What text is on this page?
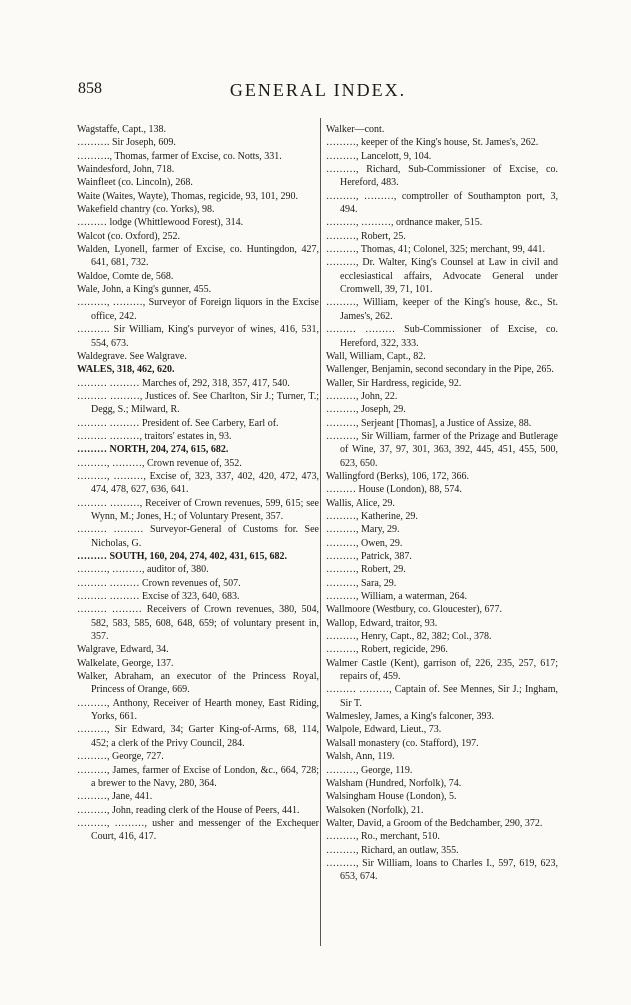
858	GENERAL INDEX.
Wagstaffe, Capt., 138.
………. Sir Joseph, 609.
………., Thomas, farmer of Excise, co. Notts, 331.
Waindesford, John, 718.
Wainfleet (co. Lincoln), 268.
Waite (Waites, Wayte), Thomas, regicide, 93, 101, 290.
Wakefield chantry (co. Yorks), 98.
……… lodge (Whittlewood Forest), 314.
Walcot (co. Oxford), 252.
Walden, Lyonell, farmer of Excise, co. Huntingdon, 427, 641, 681, 732.
Waldoe, Comte de, 568.
Wale, John, a King's gunner, 455.
………, ………, Surveyor of Foreign liquors in the Excise office, 242.
………. Sir William, King's purveyor of wines, 416, 531, 554, 673.
Waldegrave. See Walgrave.
WALES, 318, 462, 620.
……… ……… Marches of, 292, 318, 357, 417, 540.
……… ………, Justices of. See Charlton, Sir J.; Turner, T.; Degg, S.; Milward, R.
……… ……… President of. See Carbery, Earl of.
……… ………, traitors' estates in, 93.
……… NORTH, 204, 274, 615, 682.
………, ………, Crown revenue of, 352.
………, ………, Excise of, 323, 337, 402, 420, 472, 473, 474, 478, 627, 636, 641.
……… ………, Receiver of Crown revenues, 599, 615; see Wynn, M.; Jones, H.; of Voluntary Present, 357.
……… ……… Surveyor-General of Customs for. See Nicholas, G.
……… SOUTH, 160, 204, 274, 402, 431, 615, 682.
………, ………, auditor of, 380.
……… ……… Crown revenues of, 507.
……… ……… Excise of 323, 640, 683.
……… ……… Receivers of Crown revenues, 380, 504, 582, 583, 585, 608, 648, 659; of voluntary present in, 357.
Walgrave, Edward, 34.
Walkelate, George, 137.
Walker, Abraham, an executor of the Princess Royal, Princess of Orange, 669.
………, Anthony, Receiver of Hearth money, East Riding, Yorks, 661.
………, Sir Edward, 34; Garter King-of-Arms, 68, 114, 452; a clerk of the Privy Council, 284.
………, George, 727.
………, James, farmer of Excise of London, &c., 664, 728; a brewer to the Navy, 280, 364.
………, Jane, 441.
………, John, reading clerk of the House of Peers, 441.
………, ………, usher and messenger of the Exchequer Court, 416, 417.
Walker—cont.
………, keeper of the King's house, St. James's, 262.
………, Lancelott, 9, 104.
………, Richard, Sub-Commissioner of Excise, co. Hereford, 483.
………, ………, comptroller of Southampton port, 3, 494.
………, ………, ordnance maker, 515.
………, Robert, 25.
………, Thomas, 41; Colonel, 325; merchant, 99, 441.
………, Dr. Walter, King's Counsel at Law in civil and ecclesiastical affairs, Advocate General under Cromwell, 39, 71, 101.
………, William, keeper of the King's house, &c., St. James's, 262.
……… ……… Sub-Commissioner of Excise, co. Hereford, 322, 333.
Wall, William, Capt., 82.
Wallenger, Benjamin, second secondary in the Pipe, 265.
Waller, Sir Hardress, regicide, 92.
………, John, 22.
………, Joseph, 29.
………, Serjeant [Thomas], a Justice of Assize, 88.
………, Sir William, farmer of the Prizage and Butlerage of Wine, 37, 97, 301, 363, 392, 445, 451, 455, 500, 623, 650.
Wallingford (Berks), 106, 172, 366.
……… House (London), 88, 574.
Wallis, Alice, 29.
………, Katherine, 29.
………, Mary, 29.
………, Owen, 29.
………, Patrick, 387.
………, Robert, 29.
………, Sara, 29.
………, William, a waterman, 264.
Wallmoore (Westbury, co. Gloucester), 677.
Wallop, Edward, traitor, 93.
………, Henry, Capt., 82, 382; Col., 378.
………, Robert, regicide, 296.
Walmer Castle (Kent), garrison of, 226, 235, 257, 617; repairs of, 459.
……… ………, Captain of. See Mennes, Sir J.; Ingham, Sir T.
Walmesley, James, a King's falconer, 393.
Walpole, Edward, Lieut., 73.
Walsall monastery (co. Stafford), 197.
Walsh, Ann, 119.
………, George, 119.
Walsham (Hundred, Norfolk), 74.
Walsingham House (London), 5.
Walsoken (Norfolk), 21.
Walter, David, a Groom of the Bedchamber, 290, 372.
………, Ro., merchant, 510.
………, Richard, an outlaw, 355.
………, Sir William, loans to Charles I., 597, 619, 623, 653, 674.
